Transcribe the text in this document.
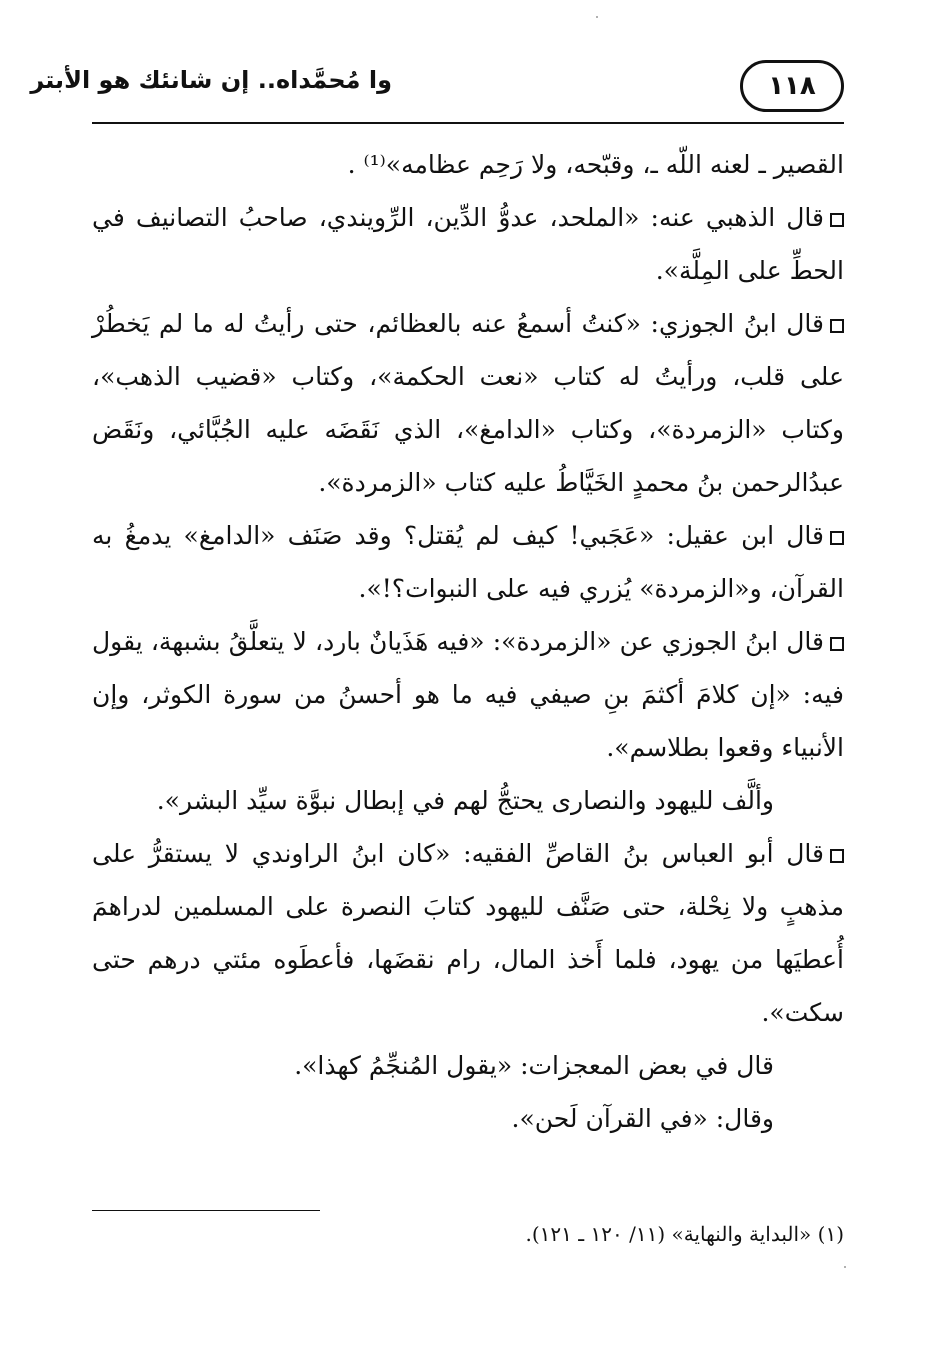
وا مُحمَّداه.. إن شانئك هو الأبتر	١١٨

القصير ـ لعنه اللّه ـ، وقبّحه، ولا رَحِم عظامه»⁽¹⁾ .

قال الذهبي عنه: «الملحد، عدوُّ الدِّين، الرِّويندي، صاحبُ التصانيف في الحطِّ على المِلَّة».

قال ابنُ الجوزي: «كنتُ أسمعُ عنه بالعظائم، حتى رأيتُ له ما لم يَخطُرْ على قلب، ورأيتُ له كتاب «نعت الحكمة»، وكتاب «قضيب الذهب»، وكتاب «الزمردة»، وكتاب «الدامغ»، الذي نَقَضَه عليه الجُبَّائي، ونَقَض عبدُالرحمن بنُ محمدٍ الخَيَّاطُ عليه كتاب «الزمردة».

قال ابن عقيل: «عَجَبي! كيف لم يُقتل؟ وقد صَنَف «الدامغ» يدمغُ به القرآن، و«الزمردة» يُزري فيه على النبوات؟!».

قال ابنُ الجوزي عن «الزمردة»: «فيه هَذَيانٌ بارد، لا يتعلَّقُ بشبهة، يقول فيه: «إن كلامَ أكثمَ بنِ صيفي فيه ما هو أحسنُ من سورة الكوثر، وإن الأنبياء وقعوا بطلاسم».

وألَّف لليهود والنصارى يحتجُّ لهم في إبطال نبوَّة سيِّد البشر».

قال أبو العباس بنُ القاصِّ الفقيه: «كان ابنُ الراوندي لا يستقرُّ على مذهبٍ ولا نِحْلة، حتى صَنَّف لليهود كتابَ النصرة على المسلمين لدراهمَ أُعطيَها من يهود، فلما أَخذ المال، رام نقضَها، فأعطَوه مئتي درهم حتى سكت».

قال في بعض المعجزات: «يقول المُنجِّمُ كهذا».

وقال: «في القرآن لَحن».

(١) «البداية والنهاية» (١١/ ١٢٠ ـ ١٢١).
